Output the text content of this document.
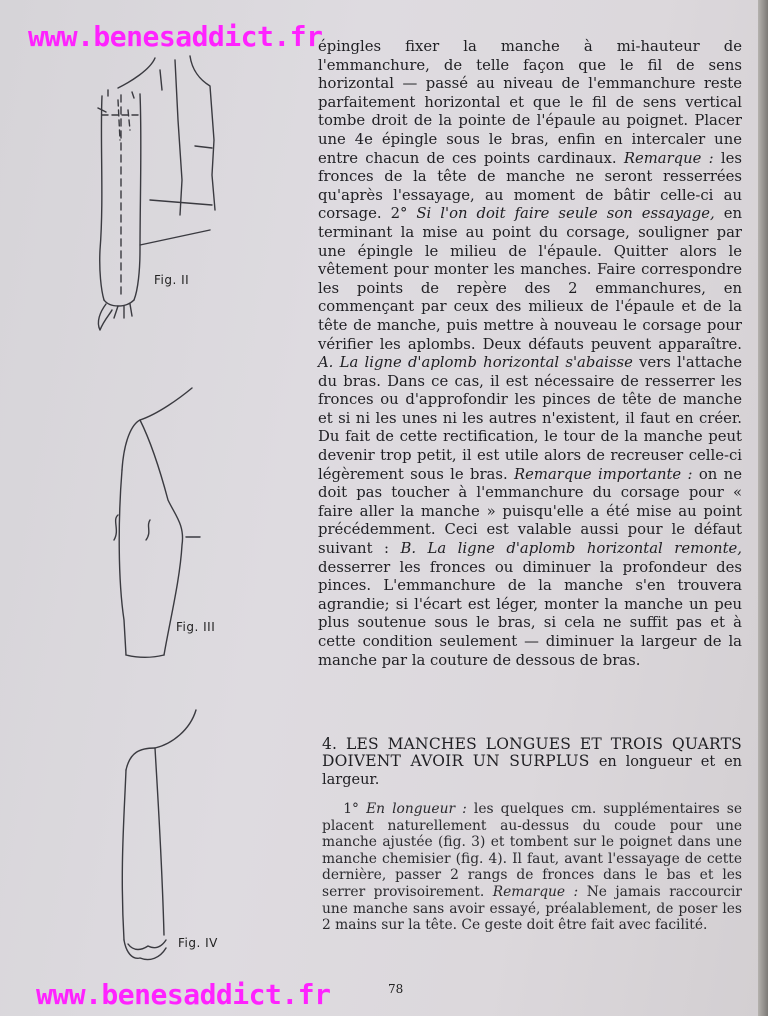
Fig. II
Fig. III
Fig. IV

épingles fixer la manche à mi-hauteur de l'emmanchure, de telle façon que le fil de sens horizontal — passé au niveau de l'emmanchure reste parfaitement horizontal et que le fil de sens vertical tombe droit de la pointe de l'épaule au poignet. Placer une 4e épingle sous le bras, enfin en intercaler une entre chacun de ces points cardinaux. Remarque : les fronces de la tête de manche ne seront resserrées qu'après l'essayage, au moment de bâtir celle-ci au corsage. 2° Si l'on doit faire seule son essayage, en terminant la mise au point du corsage, souligner par une épingle le milieu de l'épaule. Quitter alors le vêtement pour monter les manches. Faire correspondre les points de repère des 2 emmanchures, en commençant par ceux des milieux de l'épaule et de la tête de manche, puis mettre à nouveau le corsage pour vérifier les aplombs. Deux défauts peuvent apparaître. A. La ligne d'aplomb horizontal s'abaisse vers l'attache du bras. Dans ce cas, il est nécessaire de resserrer les fronces ou d'approfondir les pinces de tête de manche et si ni les unes ni les autres n'existent, il faut en créer. Du fait de cette rectification, le tour de la manche peut devenir trop petit, il est utile alors de recreuser celle-ci légèrement sous le bras. Remarque importante : on ne doit pas toucher à l'emmanchure du corsage pour « faire aller la manche » puisqu'elle a été mise au point précédemment. Ceci est valable aussi pour le défaut suivant : B. La ligne d'aplomb horizontal remonte, desserrer les fronces ou diminuer la profondeur des pinces. L'emmanchure de la manche s'en trouvera agrandie; si l'écart est léger, monter la manche un peu plus soutenue sous le bras, si cela ne suffit pas et à cette condition seulement — diminuer la largeur de la manche par la couture de dessous de bras.

4. LES MANCHES LONGUES ET TROIS QUARTS DOIVENT AVOIR UN SURPLUS en longueur et en largeur.

1° En longueur : les quelques cm. supplémentaires se placent naturellement au-dessus du coude pour une manche ajustée (fig. 3) et tombent sur le poignet dans une manche chemisier (fig. 4). Il faut, avant l'essayage de cette dernière, passer 2 rangs de fronces dans le bas et les serrer provisoirement. Remarque : Ne jamais raccourcir une manche sans avoir essayé, préalablement, de poser les 2 mains sur la tête. Ce geste doit être fait avec facilité.

78
www.benesaddict.fr
www.benesaddict.fr
